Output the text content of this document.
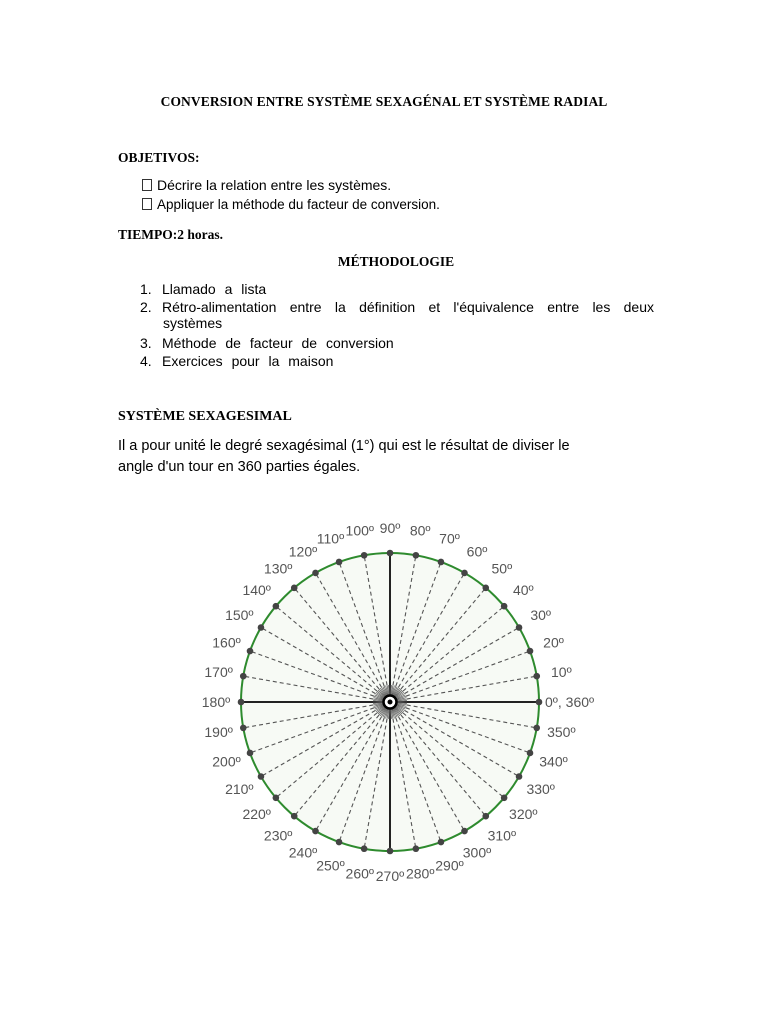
CONVERSION ENTRE SYSTÈME SEXAGÉNAL ET SYSTÈME RADIAL
OBJETIVOS:
Décrire la relation entre les systèmes.
Appliquer la méthode du facteur de conversion.
TIEMPO:2 horas.
MÉTHODOLOGIE
1. Llamado a lista
2. Rétro-alimentation entre la définition et l'équivalence entre les deux
systèmes
3. Méthode de facteur de conversion
4. Exercices pour la maison
SYSTÈME SEXAGESIMAL
Il a pour unité le degré sexagésimal (1°) qui est le résultat de diviser le
angle d'un tour en 360 parties égales.
0º, 360º
10º
20º
30º
40º
50º
60º
70º
80º
90º
100º
110º
120º
130º
140º
150º
160º
170º
180º
190º
200º
210º
220º
230º
240º
250º 260º 270º 280º 290º
300º
310º
320º
330º
340º
350º
